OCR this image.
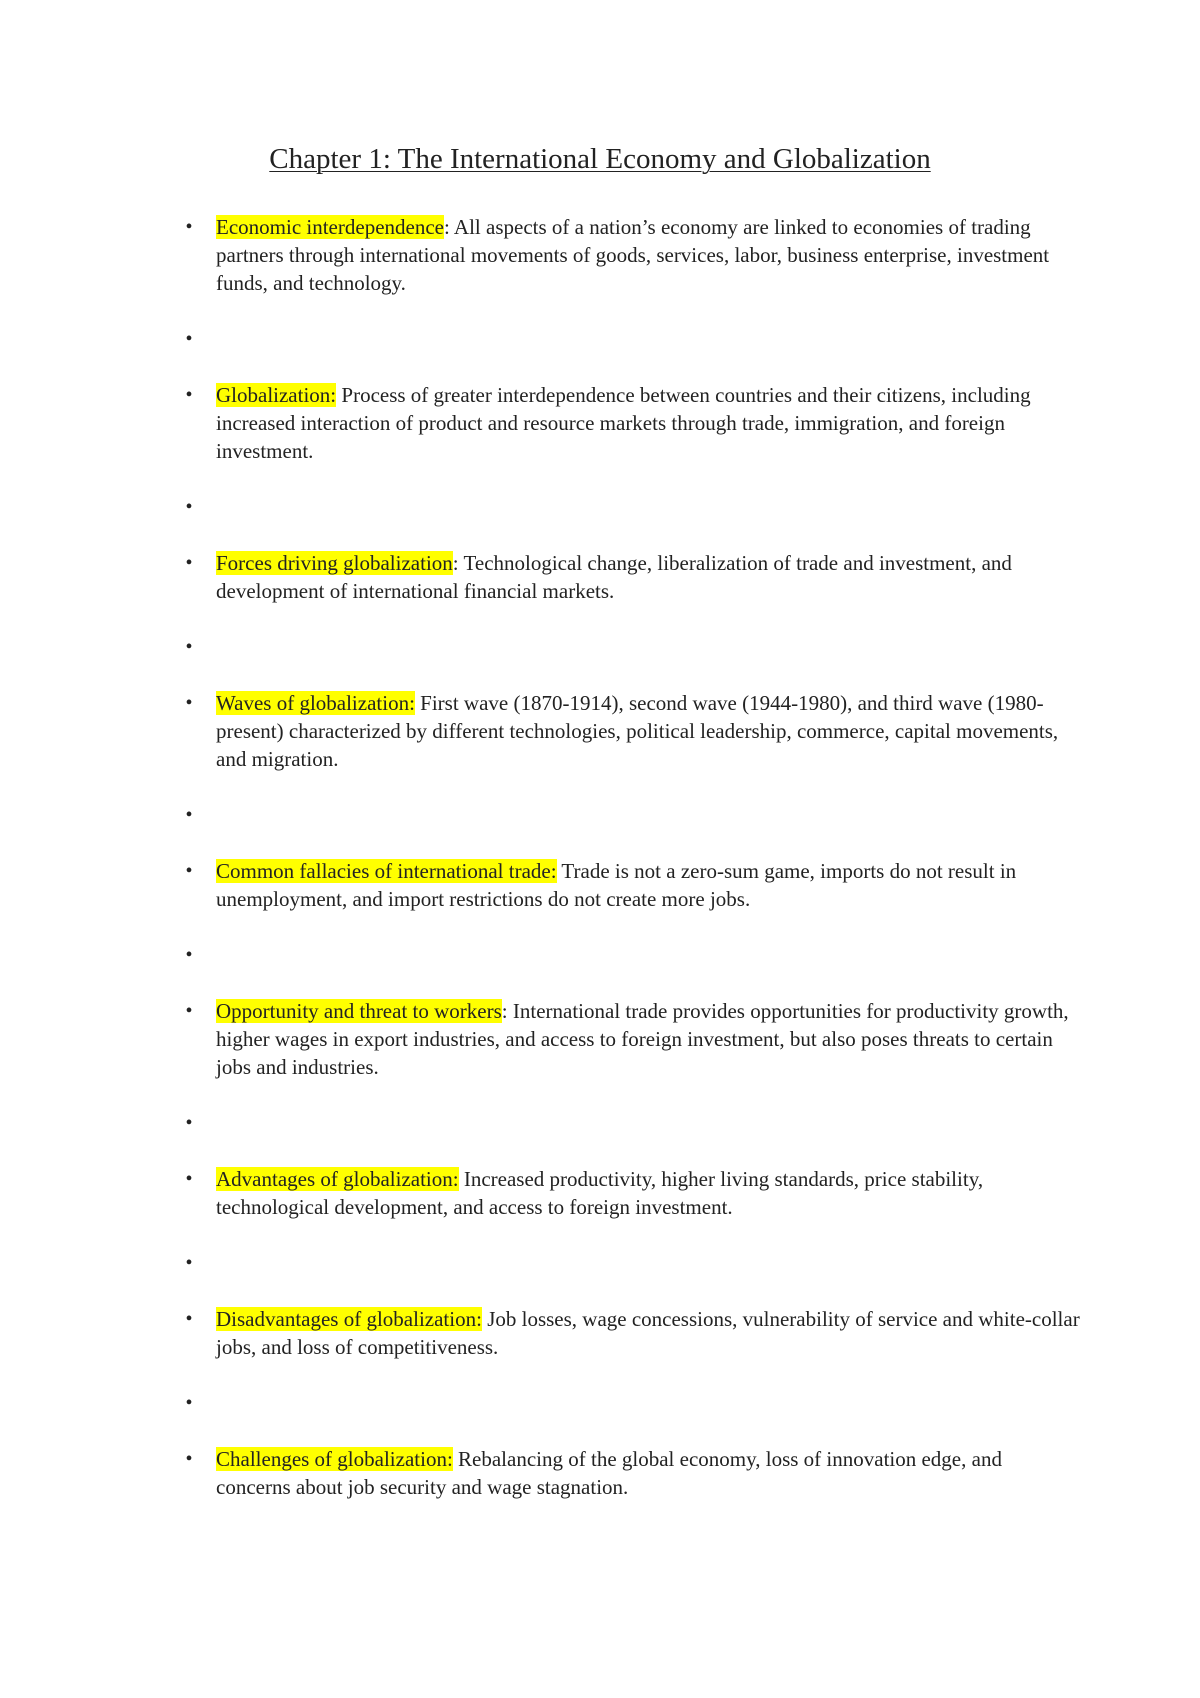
Chapter 1: The International Economy and Globalization
• Economic interdependence: All aspects of a nation’s economy are linked to economies of trading partners through international movements of goods, services, labor, business enterprise, investment funds, and technology.
•
• Globalization: Process of greater interdependence between countries and their citizens, including increased interaction of product and resource markets through trade, immigration, and foreign investment.
•
• Forces driving globalization: Technological change, liberalization of trade and investment, and development of international financial markets.
•
• Waves of globalization: First wave (1870-1914), second wave (1944-1980), and third wave (1980-present) characterized by different technologies, political leadership, commerce, capital movements, and migration.
•
• Common fallacies of international trade: Trade is not a zero-sum game, imports do not result in unemployment, and import restrictions do not create more jobs.
•
• Opportunity and threat to workers: International trade provides opportunities for productivity growth, higher wages in export industries, and access to foreign investment, but also poses threats to certain jobs and industries.
•
• Advantages of globalization: Increased productivity, higher living standards, price stability, technological development, and access to foreign investment.
•
• Disadvantages of globalization: Job losses, wage concessions, vulnerability of service and white-collar jobs, and loss of competitiveness.
•
• Challenges of globalization: Rebalancing of the global economy, loss of innovation edge, and concerns about job security and wage stagnation.
